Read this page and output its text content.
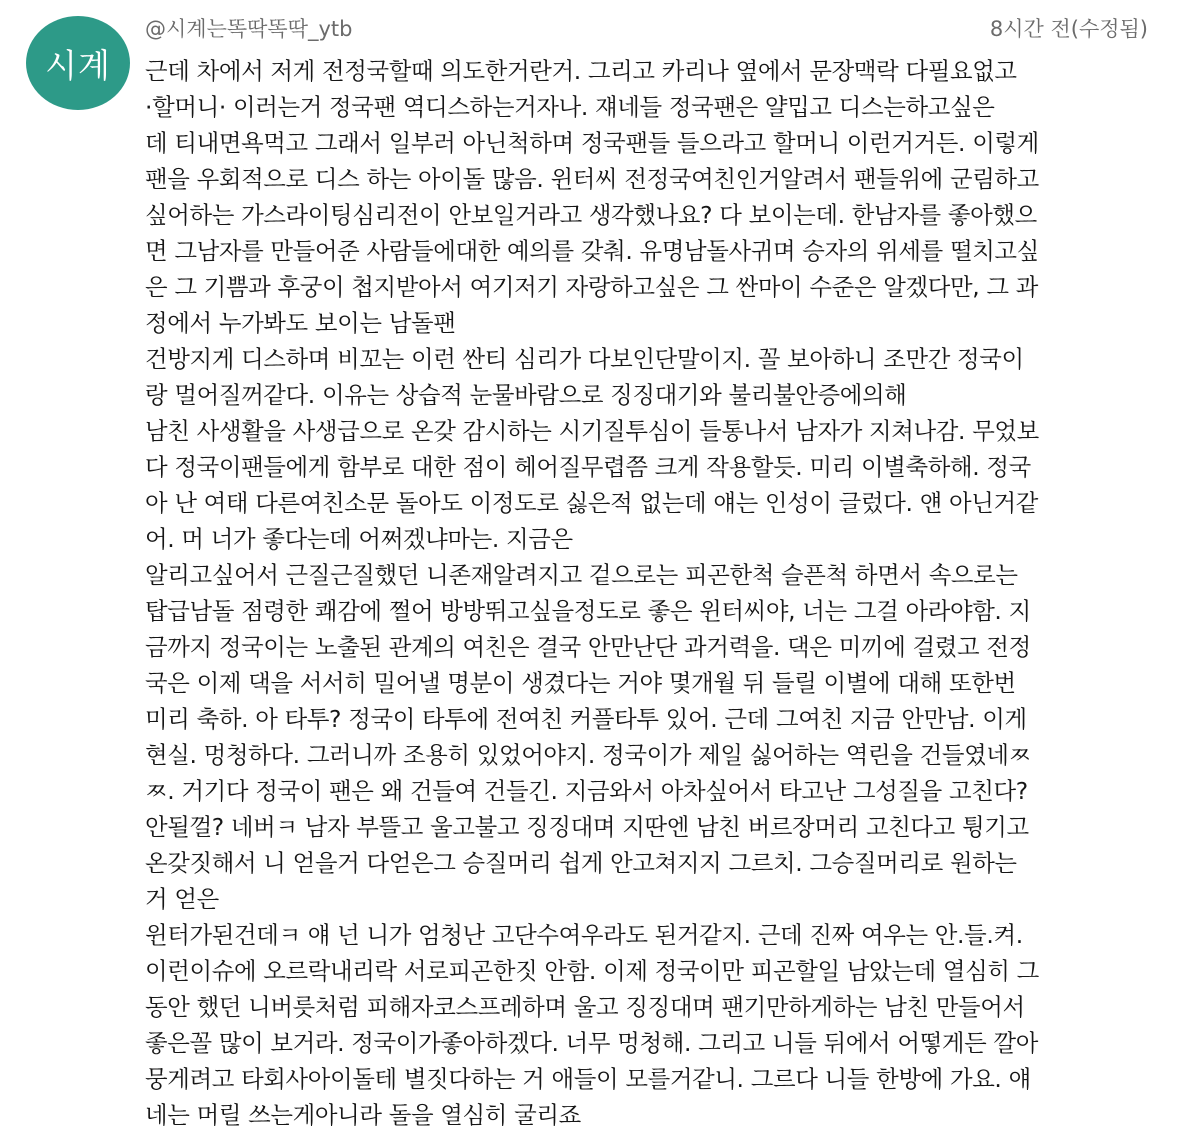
시계
@시계는똑딱똑딱_ytb	8시간 전(수정됨)
근데 차에서 저게 전정국할때 의도한거란거. 그리고 카리나 옆에서 문장맥락 다필요없고
·할머니· 이러는거 정국팬 역디스하는거자나. 쟤네들 정국팬은 얄밉고 디스는하고싶은
데 티내면욕먹고 그래서 일부러 아닌척하며 정국팬들 들으라고 할머니 이런거거든. 이렇게
팬을 우회적으로 디스 하는 아이돌 많음. 윈터씨 전정국여친인거알려서 팬들위에 군림하고
싶어하는 가스라이팅심리전이 안보일거라고 생각했나요? 다 보이는데. 한남자를 좋아했으
면 그남자를 만들어준 사람들에대한 예의를 갖춰. 유명남돌사귀며 승자의 위세를 떨치고싶
은 그 기쁨과 후궁이 첩지받아서 여기저기 자랑하고싶은 그 싼마이 수준은 알겠다만, 그 과
정에서 누가봐도 보이는 남돌팬
건방지게 디스하며 비꼬는 이런 싼티 심리가 다보인단말이지. 꼴 보아하니 조만간 정국이
랑 멀어질꺼같다. 이유는 상습적 눈물바람으로 징징대기와 불리불안증에의해
남친 사생활을 사생급으로 온갖 감시하는 시기질투심이 들통나서 남자가 지쳐나감. 무었보
다 정국이팬들에게 함부로 대한 점이 헤어질무렵쯤 크게 작용할듯. 미리 이별축하해. 정국
아 난 여태 다른여친소문 돌아도 이정도로 싫은적 없는데 얘는 인성이 글렀다. 얜 아닌거같
어. 머 너가 좋다는데 어쩌겠냐마는. 지금은
알리고싶어서 근질근질했던 니존재알려지고 겉으로는 피곤한척 슬픈척 하면서 속으로는
탑급남돌 점령한 쾌감에 쩔어 방방뛰고싶을정도로 좋은 윈터씨야, 너는 그걸 아라야함. 지
금까지 정국이는 노출된 관계의 여친은 결국 안만난단 과거력을. 댁은 미끼에 걸렸고 전정
국은 이제 댁을 서서히 밀어낼 명분이 생겼다는 거야 몇개월 뒤 들릴 이별에 대해 또한번
미리 축하. 아 타투? 정국이 타투에 전여친 커플타투 있어. 근데 그여친 지금 안만남. 이게
현실. 멍청하다. 그러니까 조용히 있었어야지. 정국이가 제일 싫어하는 역린을 건들였네ㅉ
ㅉ. 거기다 정국이 팬은 왜 건들여 건들긴. 지금와서 아차싶어서 타고난 그성질을 고친다?
안될껄? 네버ㅋ 남자 부뜰고 울고불고 징징대며 지딴엔 남친 버르장머리 고친다고 튕기고
온갖짓해서 니 얻을거 다얻은그 승질머리 쉽게 안고쳐지지 그르치. 그승질머리로 원하는
거 얻은
윈터가된건데ㅋ 얘 넌 니가 엄청난 고단수여우라도 된거같지. 근데 진짜 여우는 안.들.켜.
이런이슈에 오르락내리락 서로피곤한짓 안함. 이제 정국이만 피곤할일 남았는데 열심히 그
동안 했던 니버릇처럼 피해자코스프레하며 울고 징징대며 팬기만하게하는 남친 만들어서
좋은꼴 많이 보거라. 정국이가좋아하겠다. 너무 멍청해. 그리고 니들 뒤에서 어떻게든 깔아
뭉게려고 타회사아이돌테 별짓다하는 거 애들이 모를거같니. 그르다 니들 한방에 가요. 얘
네는 머릴 쓰는게아니라 돌을 열심히 굴리죠
